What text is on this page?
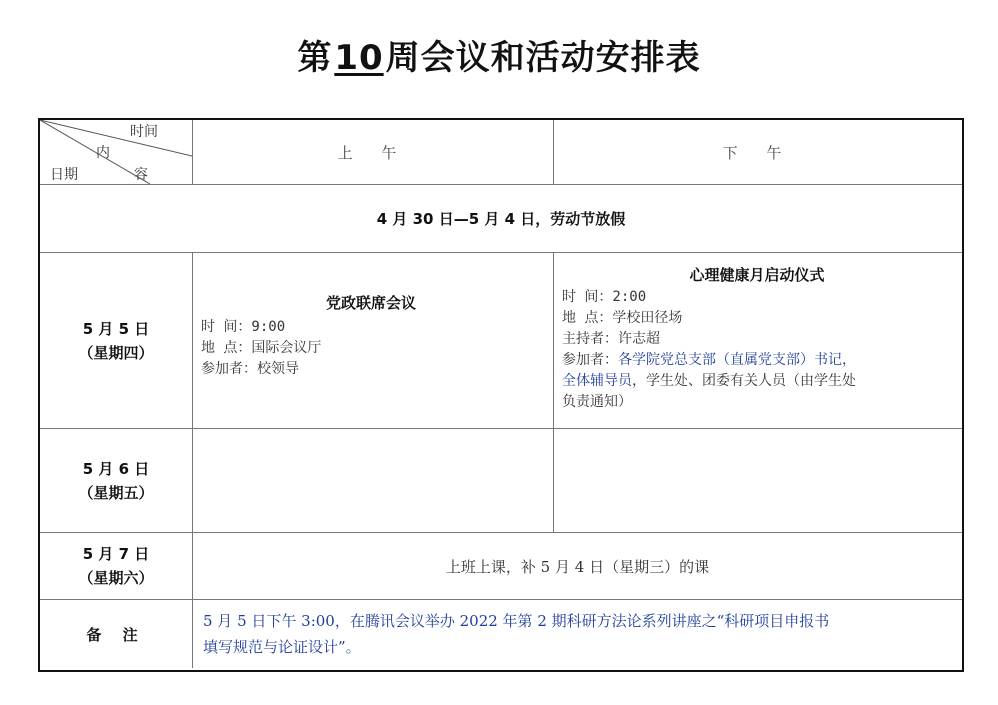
第10周会议和活动安排表
时间
内
容
日期
上 午	下 午
4 月 30 日—5 月 4 日，劳动节放假
5 月 5 日
（星期四）
党政联席会议
时 间：9:00
地 点：国际会议厅
参加者：校领导
心理健康月启动仪式
时 间：2:00
地 点：学校田径场
主持者：许志超
参加者：各学院党总支部（直属党支部）书记，
全体辅导员，学生处、团委有关人员（由学生处
负责通知）
5 月 6 日
（星期五）
5 月 7 日
（星期六）
上班上课，补 5 月 4 日（星期三）的课
备 注
5 月 5 日下午 3:00，在腾讯会议举办 2022 年第 2 期科研方法论系列讲座之“科研项目申报书
填写规范与论证设计”。
